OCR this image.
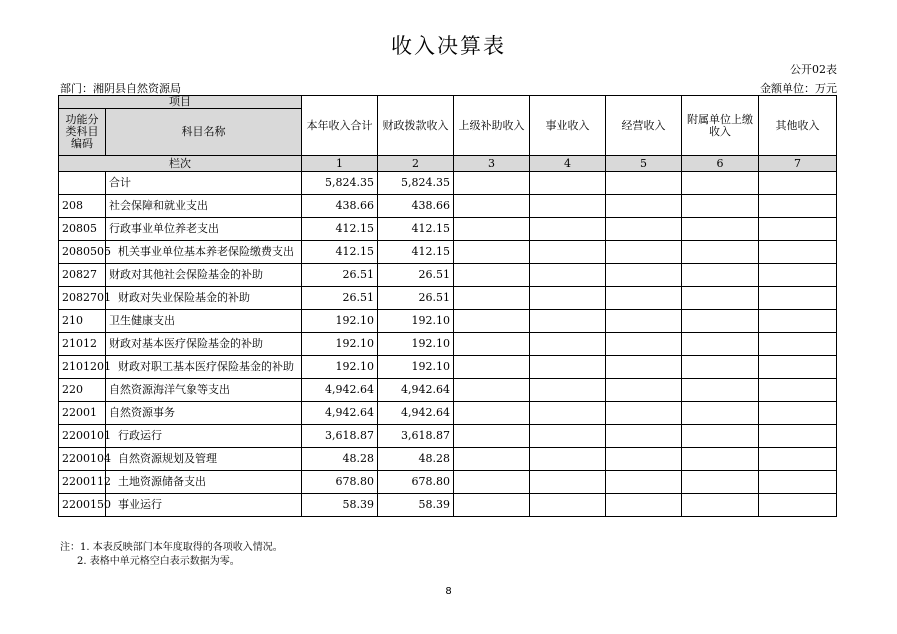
收入决算表
公开02表
部门：湘阴县自然资源局	金额单位：万元
项目		本年收入合计	财政拨款收入	上级补助收入	事业收入	经营收入	附属单位上缴收入	其他收入
功能分类科目编码	科目名称							
栏次		1	2	3	4	5	6	7
	合计	5,824.35	5,824.35					
208	社会保障和就业支出	438.66	438.66					
20805	行政事业单位养老支出	412.15	412.15					
2080505	机关事业单位基本养老保险缴费支出	412.15	412.15					
20827	财政对其他社会保险基金的补助	26.51	26.51					
2082701	财政对失业保险基金的补助	26.51	26.51					
210	卫生健康支出	192.10	192.10					
21012	财政对基本医疗保险基金的补助	192.10	192.10					
2101201	财政对职工基本医疗保险基金的补助	192.10	192.10					
220	自然资源海洋气象等支出	4,942.64	4,942.64					
22001	自然资源事务	4,942.64	4,942.64					
2200101	行政运行	3,618.87	3,618.87					
2200104	自然资源规划及管理	48.28	48.28					
2200112	土地资源储备支出	678.80	678.80					
2200150	事业运行	58.39	58.39					
注：1. 本表反映部门本年度取得的各项收入情况。
2. 表格中单元格空白表示数据为零。
8
